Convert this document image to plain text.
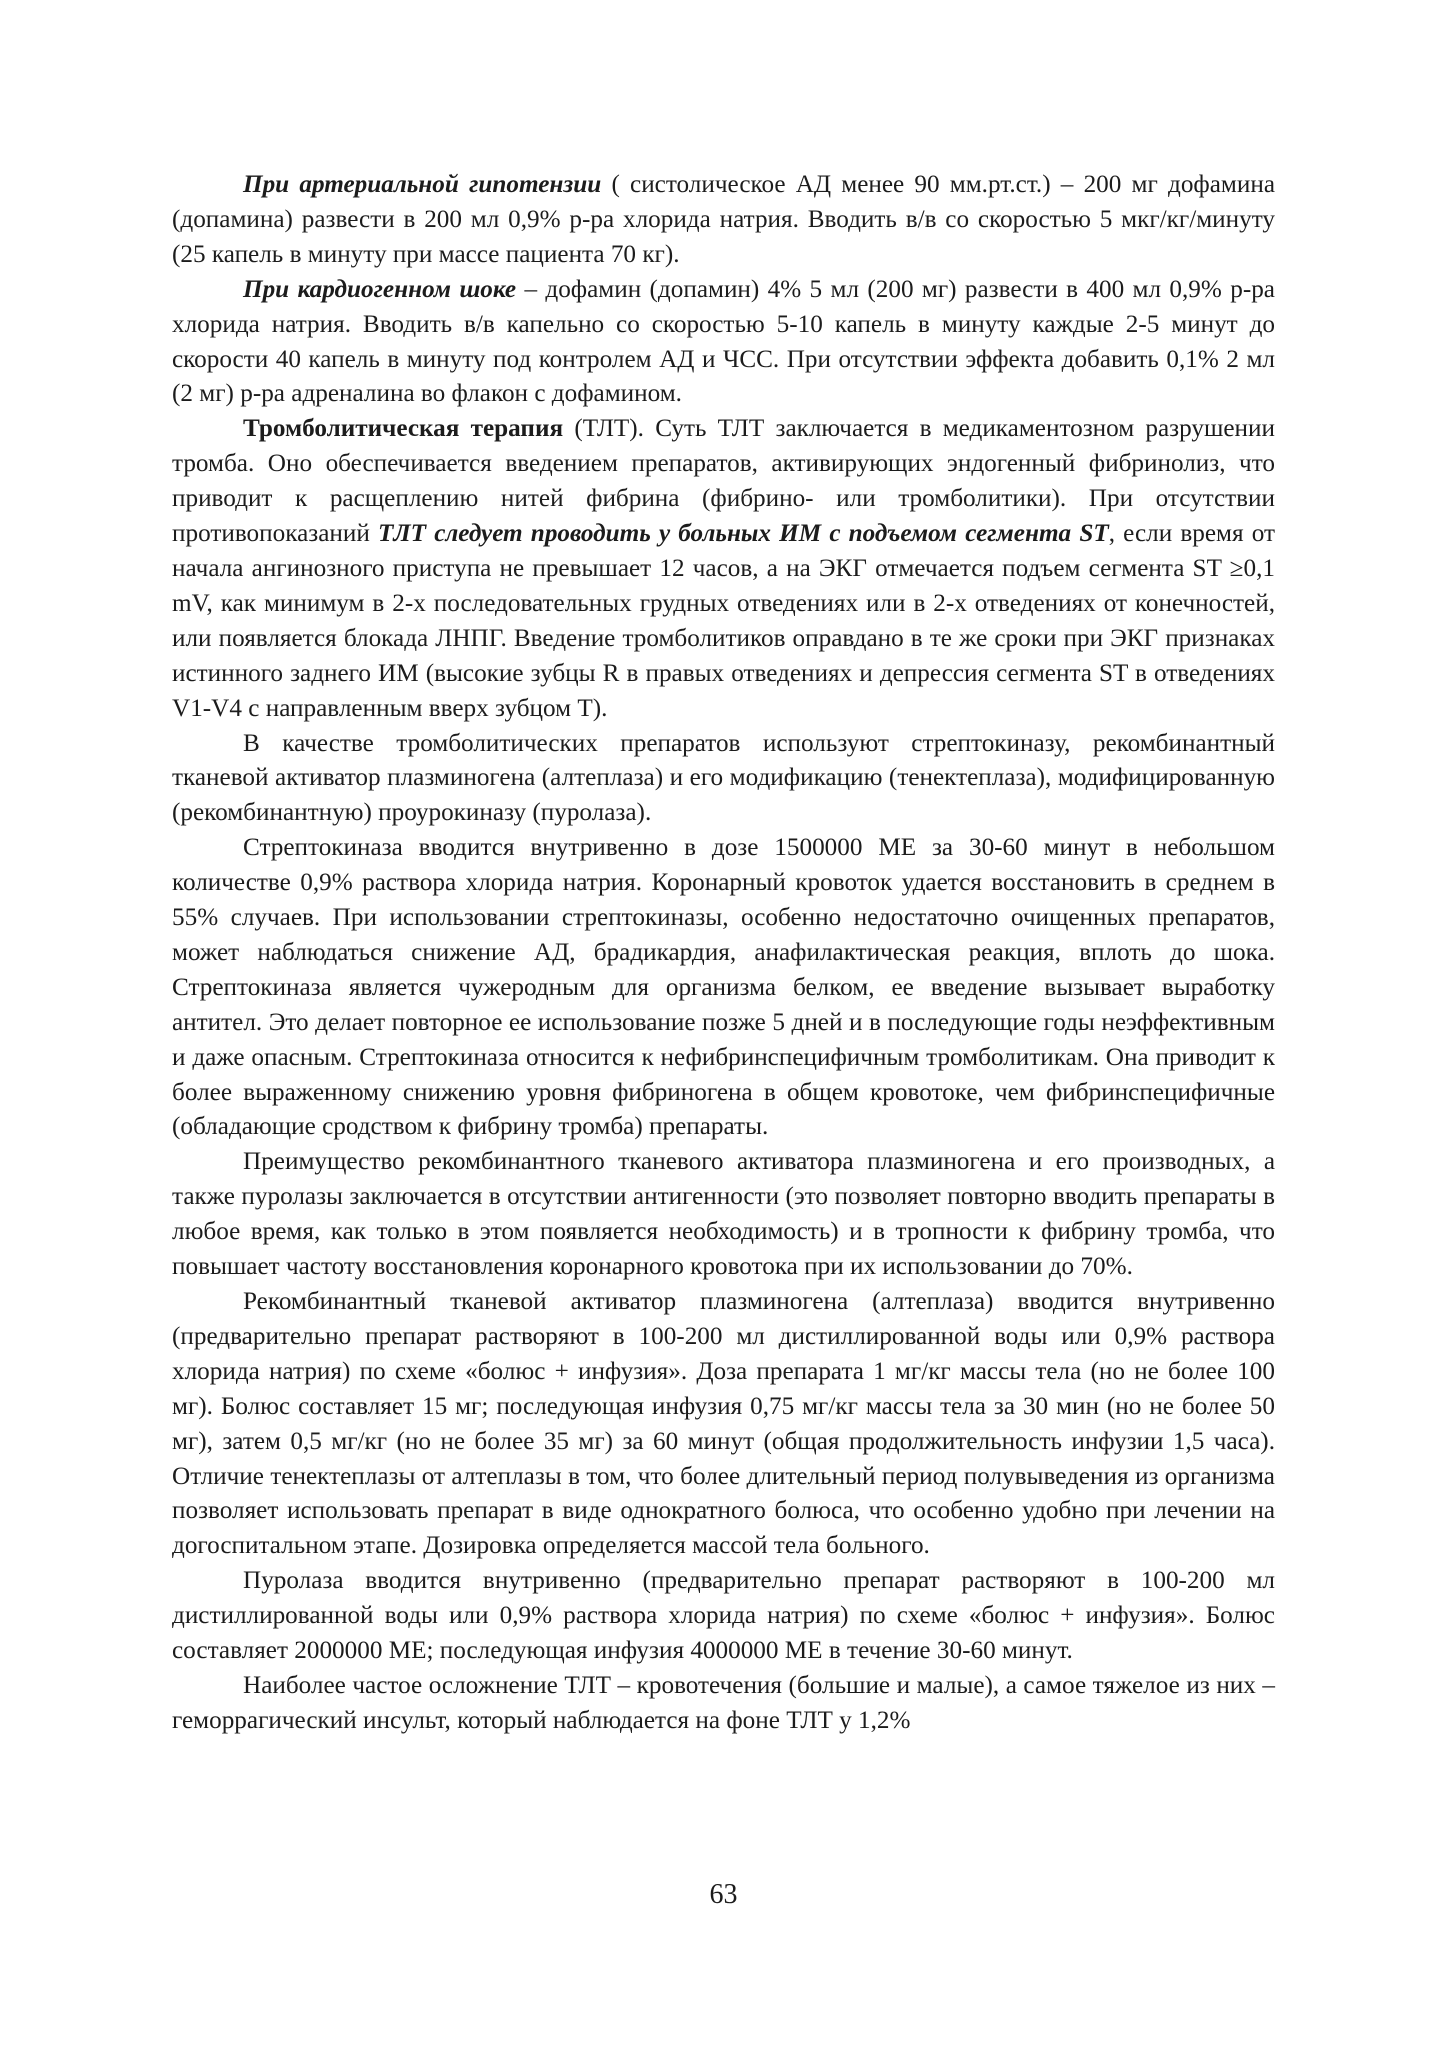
При артериальной гипотензии ( систолическое АД менее 90 мм.рт.ст.) – 200 мг дофамина (допамина) развести в 200 мл 0,9% р-ра хлорида натрия. Вводить в/в со скоростью 5 мкг/кг/минуту (25 капель в минуту при массе пациента 70 кг).

При кардиогенном шоке – дофамин (допамин) 4% 5 мл (200 мг) развести в 400 мл 0,9% р-ра хлорида натрия. Вводить в/в капельно со скоростью 5-10 капель в минуту каждые 2-5 минут до скорости 40 капель в минуту под контролем АД и ЧСС. При отсутствии эффекта добавить 0,1% 2 мл (2 мг) р-ра адреналина во флакон с дофамином.

Тромболитическая терапия (ТЛТ). Суть ТЛТ заключается в медикаментозном разрушении тромба. Оно обеспечивается введением препаратов, активирующих эндогенный фибринолиз, что приводит к расщеплению нитей фибрина (фибрино- или тромболитики). При отсутствии противопоказаний ТЛТ следует проводить у больных ИМ с подъемом сегмента ST, если время от начала ангинозного приступа не превышает 12 часов, а на ЭКГ отмечается подъем сегмента ST ≥0,1 mV, как минимум в 2-х последовательных грудных отведениях или в 2-х отведениях от конечностей, или появляется блокада ЛНПГ. Введение тромболитиков оправдано в те же сроки при ЭКГ признаках истинного заднего ИМ (высокие зубцы R в правых отведениях и депрессия сегмента ST в отведениях V1-V4 с направленным вверх зубцом Т).

В качестве тромболитических препаратов используют стрептокиназу, рекомбинантный тканевой активатор плазминогена (алтеплаза) и его модификацию (тенектеплаза), модифицированную (рекомбинантную) проурокиназу (пуролаза).

Стрептокиназа вводится внутривенно в дозе 1500000 МЕ за 30-60 минут в небольшом количестве 0,9% раствора хлорида натрия. Коронарный кровоток удается восстановить в среднем в 55% случаев. При использовании стрептокиназы, особенно недостаточно очищенных препаратов, может наблюдаться снижение АД, брадикардия, анафилактическая реакция, вплоть до шока. Стрептокиназа является чужеродным для организма белком, ее введение вызывает выработку антител. Это делает повторное ее использование позже 5 дней и в последующие годы неэффективным и даже опасным. Стрептокиназа относится к нефибринспецифичным тромболитикам. Она приводит к более выраженному снижению уровня фибриногена в общем кровотоке, чем фибринспецифичные (обладающие сродством к фибрину тромба) препараты.

Преимущество рекомбинантного тканевого активатора плазминогена и его производных, а также пуролазы заключается в отсутствии антигенности (это позволяет повторно вводить препараты в любое время, как только в этом появляется необходимость) и в тропности к фибрину тромба, что повышает частоту восстановления коронарного кровотока при их использовании до 70%.

Рекомбинантный тканевой активатор плазминогена (алтеплаза) вводится внутривенно (предварительно препарат растворяют в 100-200 мл дистиллированной воды или 0,9% раствора хлорида натрия) по схеме «болюс + инфузия». Доза препарата 1 мг/кг массы тела (но не более 100 мг). Болюс составляет 15 мг; последующая инфузия 0,75 мг/кг массы тела за 30 мин (но не более 50 мг), затем 0,5 мг/кг (но не более 35 мг) за 60 минут (общая продолжительность инфузии 1,5 часа). Отличие тенектеплазы от алтеплазы в том, что более длительный период полувыведения из организма позволяет использовать препарат в виде однократного болюса, что особенно удобно при лечении на догоспитальном этапе. Дозировка определяется массой тела больного.

Пуролаза вводится внутривенно (предварительно препарат растворяют в 100-200 мл дистиллированной воды или 0,9% раствора хлорида натрия) по схеме «болюс + инфузия». Болюс составляет 2000000 МЕ; последующая инфузия 4000000 МЕ в течение 30-60 минут.

Наиболее частое осложнение ТЛТ – кровотечения (большие и малые), а самое тяжелое из них – геморрагический инсульт, который наблюдается на фоне ТЛТ у 1,2%

63
